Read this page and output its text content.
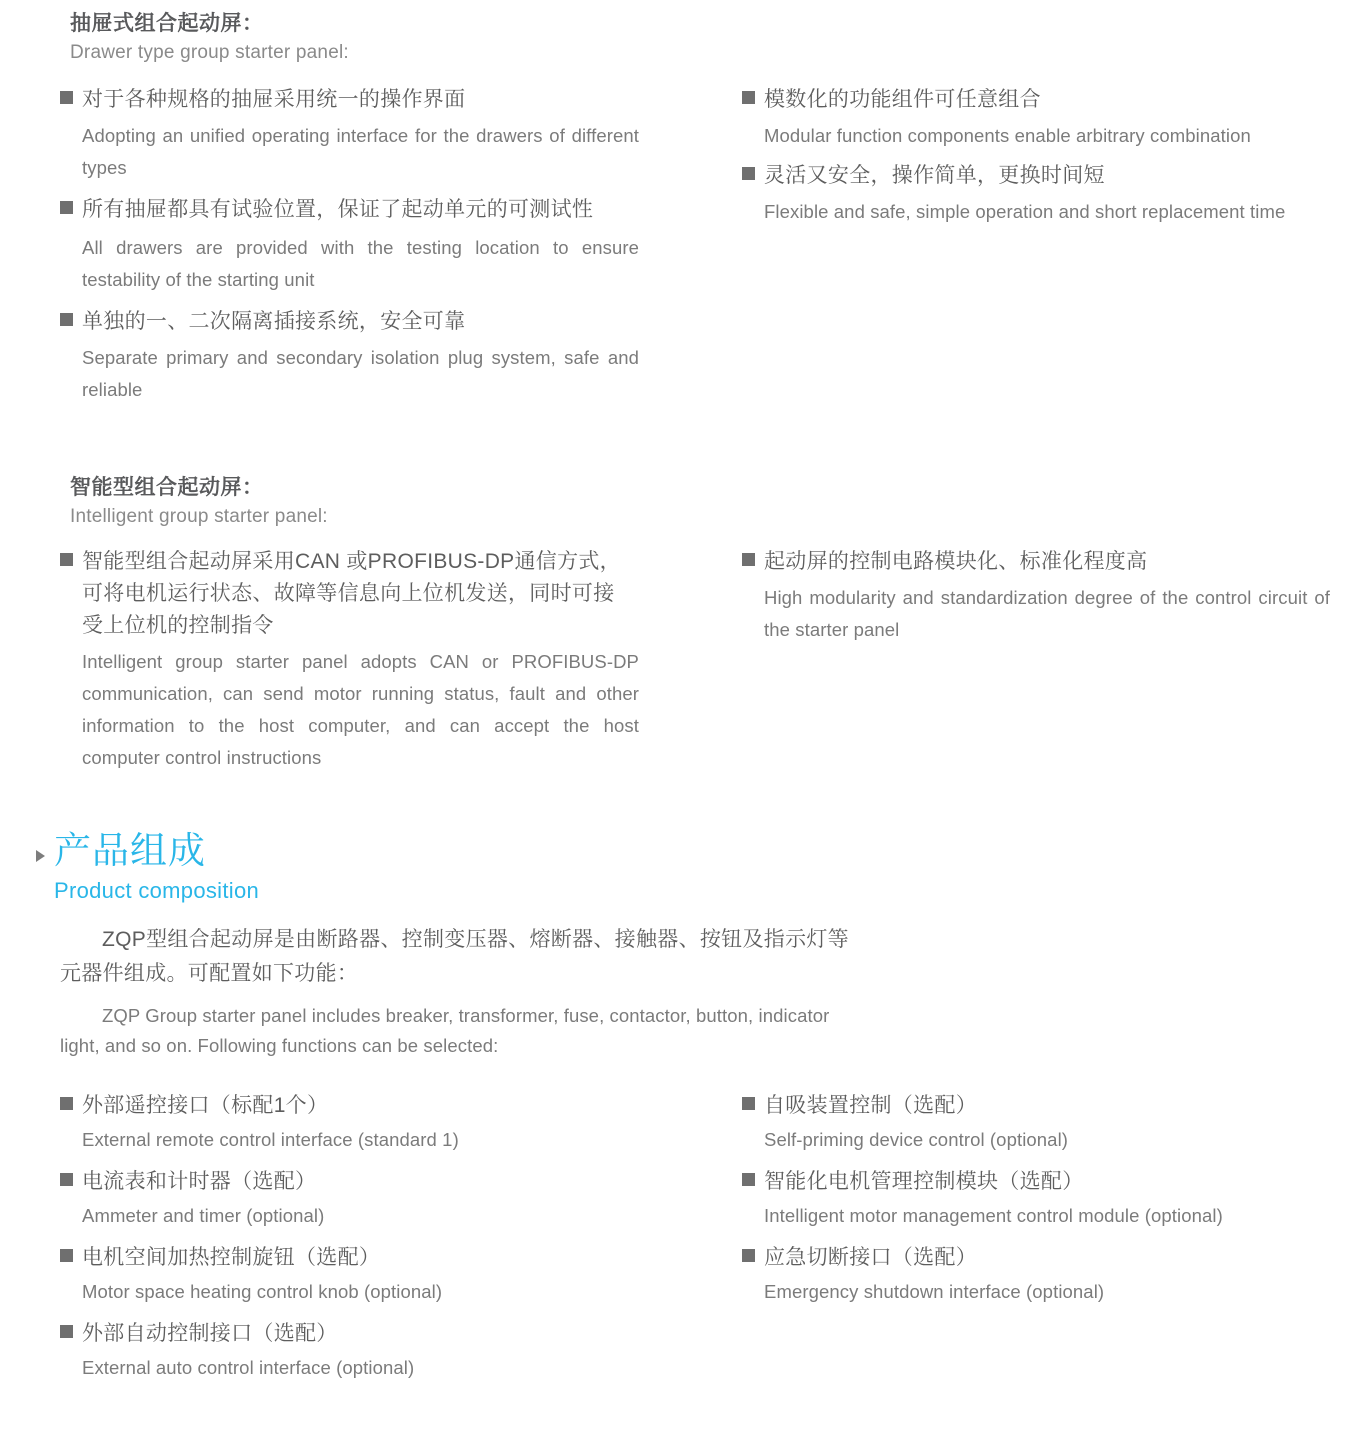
抽屉式组合起动屏：
Drawer type group starter panel:
对于各种规格的抽屉采用统一的操作界面
Adopting an unified operating interface for the drawers of different types
所有抽屉都具有试验位置，保证了起动单元的可测试性
All drawers are provided with the testing location to ensure testability of the starting unit
单独的一、二次隔离插接系统，安全可靠
Separate primary and secondary isolation plug system, safe and reliable
模数化的功能组件可任意组合
Modular function components enable arbitrary combination
灵活又安全，操作简单，更换时间短
Flexible and safe, simple operation and short replacement time
智能型组合起动屏：
Intelligent group starter panel:
智能型组合起动屏采用CAN 或PROFIBUS-DP通信方式，可将电机运行状态、故障等信息向上位机发送，同时可接受上位机的控制指令
Intelligent group starter panel adopts CAN or PROFIBUS-DP communication, can send motor running status, fault and other information to the host computer, and can accept the host computer control instructions
起动屏的控制电路模块化、标准化程度高
High modularity and standardization degree of the control circuit of the starter panel
产品组成
Product composition
ZQP型组合起动屏是由断路器、控制变压器、熔断器、接触器、按钮及指示灯等
元器件组成。可配置如下功能：
ZQP Group starter panel includes breaker, transformer, fuse, contactor, button, indicator
light, and so on. Following functions can be selected:
外部遥控接口（标配1个）
External remote control interface (standard 1)
电流表和计时器（选配）
Ammeter and timer (optional)
电机空间加热控制旋钮（选配）
Motor space heating control knob (optional)
外部自动控制接口（选配）
External auto control interface (optional)
自吸装置控制（选配）
Self-priming device control (optional)
智能化电机管理控制模块（选配）
Intelligent motor management control module (optional)
应急切断接口（选配）
Emergency shutdown interface (optional)
